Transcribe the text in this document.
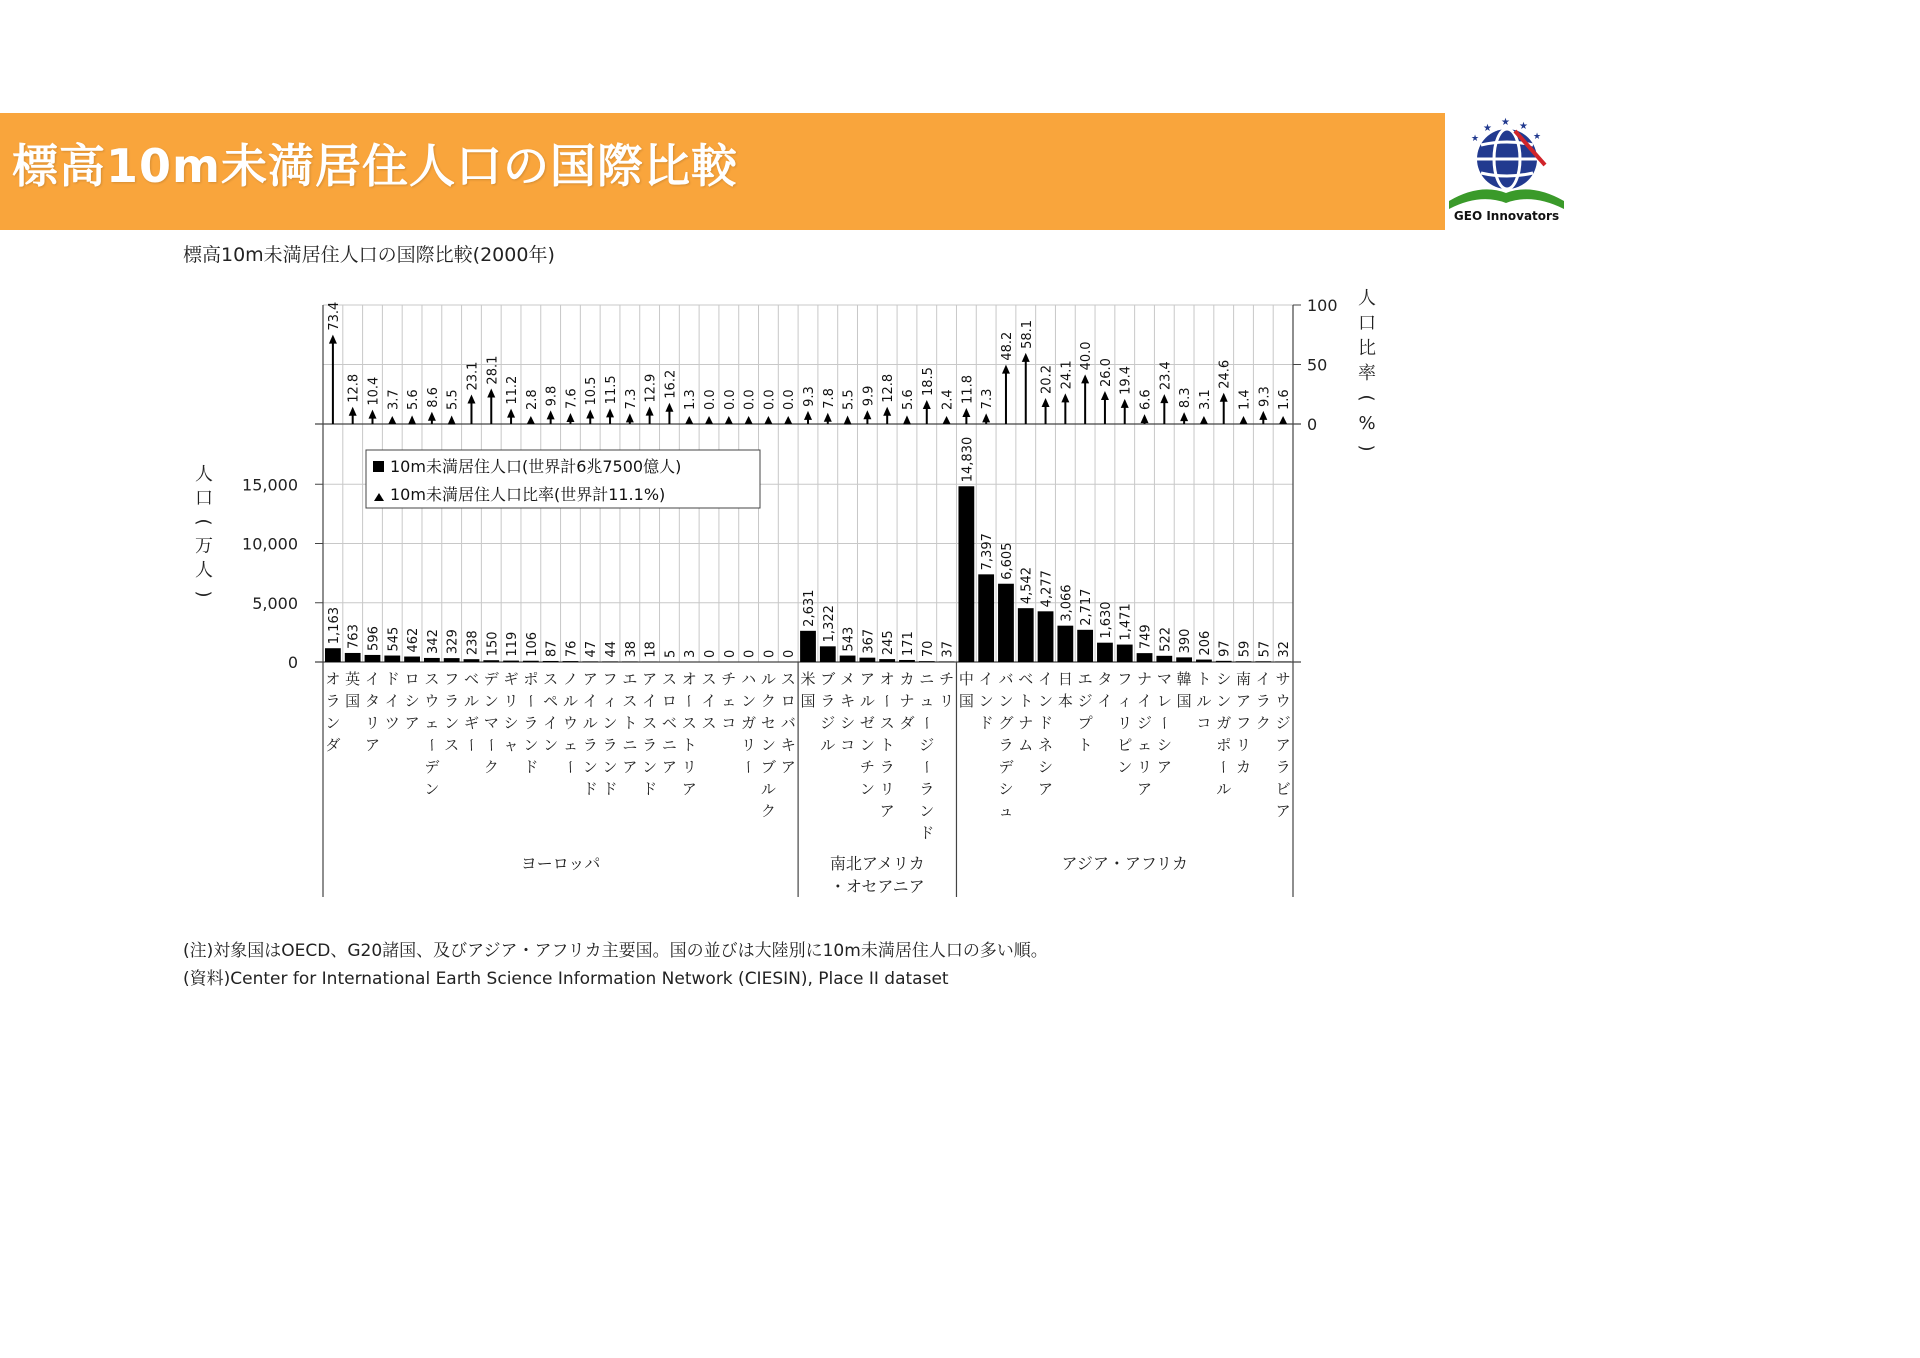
標高10m未満居住人口の国際比較
★
★ ★
★	★
GEO Innovators
標高10m未満居住人口の国際比較(2000年)
0
5,000
10,000
15,000
0
50
100
人
口
(
万
人
)
人
口
比
率
(
%
)
1,163 763 596 545 462 342 329 238 150 119 106 87 76 47 44 38 18 5 3 0 0 0 0 0
2,631 1,322 543 367 245 171 70 37
14,830
7,397 6,605
4,542 4,277 3,066 2,717 1,630 1,471 749 522 390 206 97 59 57 32
73.4
12.8 10.4 3.7 5.6 8.6 5.5
23.1 28.1
11.2 2.8 9.8 7.6 10.5 11.5 7.3 12.9 16.2
1.3 0.0 0.0 0.0 0.0 0.0 9.3 7.8 5.5 9.9 12.8 5.6
18.5
2.4 11.8 7.3
48.2 58.1
20.2 24.1
40.0
26.0 19.4
6.6
23.4
8.3 3.1
24.6
1.4 9.3 1.6
オ
ラ
ン
ダ
英
国
イ
タ
リ
ア
ド
イ
ツ
ロ
シ
ア
ス
ウ
ェ
ー
デ
ン
フ
ラ
ン
ス
ベ
ル
ギ
ー
デ
ン
マ
ー
ク
ギ
リ
シ
ャ
ポ
ー
ラ
ン
ド
ス
ペ
イ
ン
ノ
ル
ウ
ェ
ー
ア
イ
ル
ラ
ン
ド
フ
ィ
ン
ラ
ン
ド
エ
ス
ト
ニ
ア
ア
イ
ス
ラ
ン
ド
ス
ロ
ベ
ニ
ア
オ
ー
ス
ト
リ
ア
ス
イ
ス
チ
ェ
コ
ハ
ン
ガ
リ
ー
ル
ク
セ
ン
ブ
ル
ク
ス
ロ
バ
キ
ア
米
国
ブ
ラ
ジ
ル
メ
キ
シ
コ
ア
ル
ゼ
ン
チ
ン
オ
ー
ス
ト
ラ
リ
ア
カ
ナ
ダ
ニ
ュ
ー
ジ
ー
ラ
ン
ド
チ
リ
中
国
イ
ン
ド
バ
ン
グ
ラ
デ
シ
ュ
ベ
ト
ナ
ム
イ
ン
ド
ネ
シ
ア
日
本
エ
ジ
プ
ト
タ
イ
フ
ィ
リ
ピ
ン
ナ
イ
ジ
ェ
リ
ア
マ
レ
ー
シ
ア
韓
国
ト
ル
コ
シ
ン
ガ
ポ
ー
ル
南
ア
フ
リ
カ
イ
ラ
ク
サ
ウ
ジ
ア
ラ
ビ
ア
ヨーロッパ	南北アメリカ
・オセアニア
アジア・アフリカ
10m未満居住人口(世界計6兆7500億人)
10m未満居住人口比率(世界計11.1%)
(注)対象国はOECD、G20諸国、及びアジア・アフリカ主要国。国の並びは大陸別に10m未満居住人口の多い順。
(資料)Center for International Earth Science Information Network (CIESIN), Place II dataset
